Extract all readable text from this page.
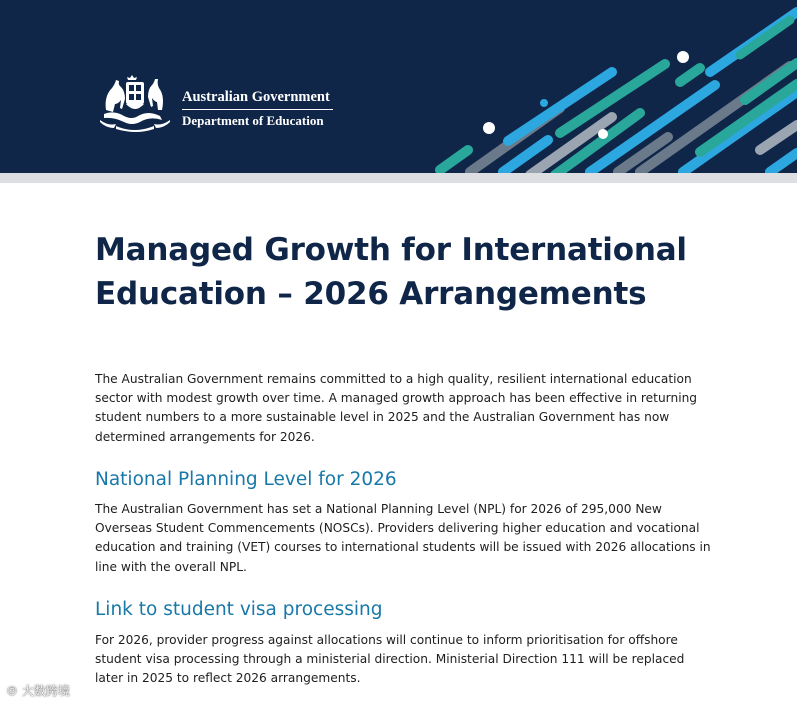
Australian Government
Department of Education
Managed Growth for International Education – 2026 Arrangements

The Australian Government remains committed to a high quality, resilient international education sector with modest growth over time. A managed growth approach has been effective in returning student numbers to a more sustainable level in 2025 and the Australian Government has now determined arrangements for 2026.

National Planning Level for 2026

The Australian Government has set a National Planning Level (NPL) for 2026 of 295,000 New Overseas Student Commencements (NOSCs). Providers delivering higher education and vocational education and training (VET) courses to international students will be issued with 2026 allocations in line with the overall NPL.

Link to student visa processing

For 2026, provider progress against allocations will continue to inform prioritisation for offshore student visa processing through a ministerial direction. Ministerial Direction 111 will be replaced later in 2025 to reflect 2026 arrangements.

℗ 大数跨境
